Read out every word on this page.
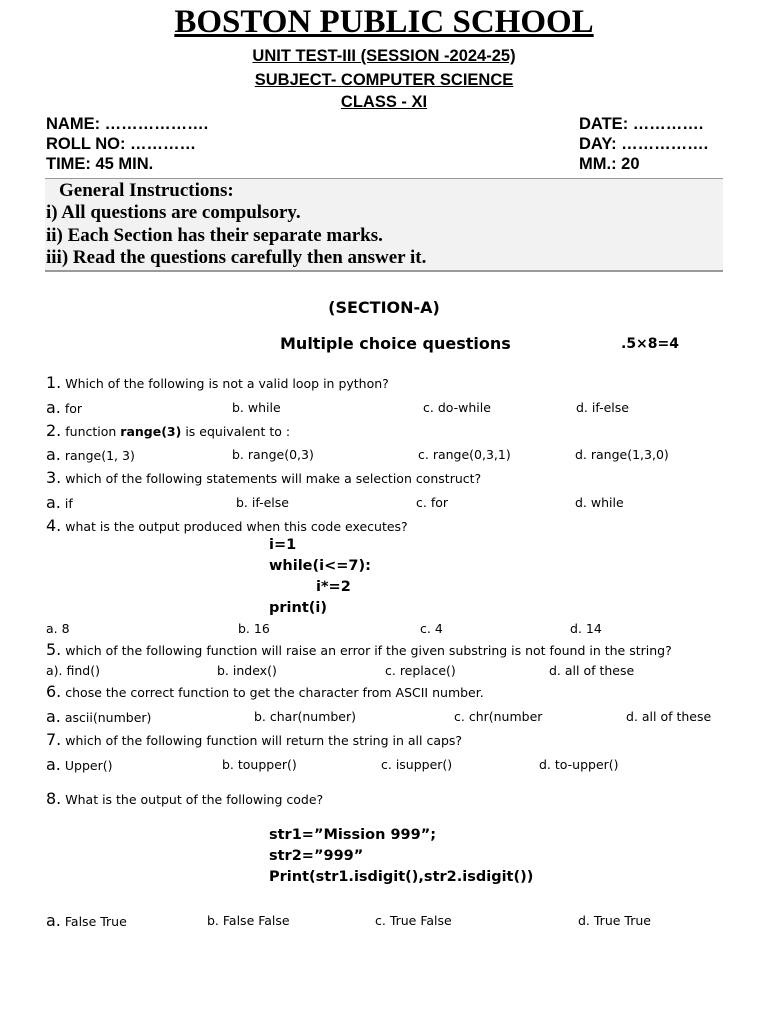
BOSTON PUBLIC SCHOOL
UNIT TEST-III (SESSION -2024-25)
SUBJECT- COMPUTER SCIENCE
CLASS - XI
NAME: ……………….	DATE: ………….
ROLL NO: …………	DAY: …………….
TIME: 45 MIN.	MM.: 20
General Instructions:
i) All questions are compulsory.
ii) Each Section has their separate marks.
iii) Read the questions carefully then answer it.
(SECTION-A)
Multiple choice questions	.5×8=4
1. Which of the following is not a valid loop in python?
a. for	b. while	c. do-while	d. if-else
2. function range(3) is equivalent to :
a. range(1, 3)	b. range(0,3)	c. range(0,3,1)	d. range(1,3,0)
3. which of the following statements will make a selection construct?
a. if	b. if-else	c. for	d. while
4. what is the output produced when this code executes?
i=1
while(i<=7):
i*=2
print(i)
a. 8	b. 16	c. 4	d. 14
5. which of the following function will raise an error if the given substring is not found in the string?
a). find()	b. index()	c. replace()	d. all of these
6. chose the correct function to get the character from ASCII number.
a. ascii(number)	b. char(number)	c. chr(number	d. all of these
7. which of the following function will return the string in all caps?
a. Upper()	b. toupper()	c. isupper()	d. to-upper()
8. What is the output of the following code?
str1=”Mission 999”;
str2=”999”
Print(str1.isdigit(),str2.isdigit())
a. False True	b. False False	c. True False	d. True True
